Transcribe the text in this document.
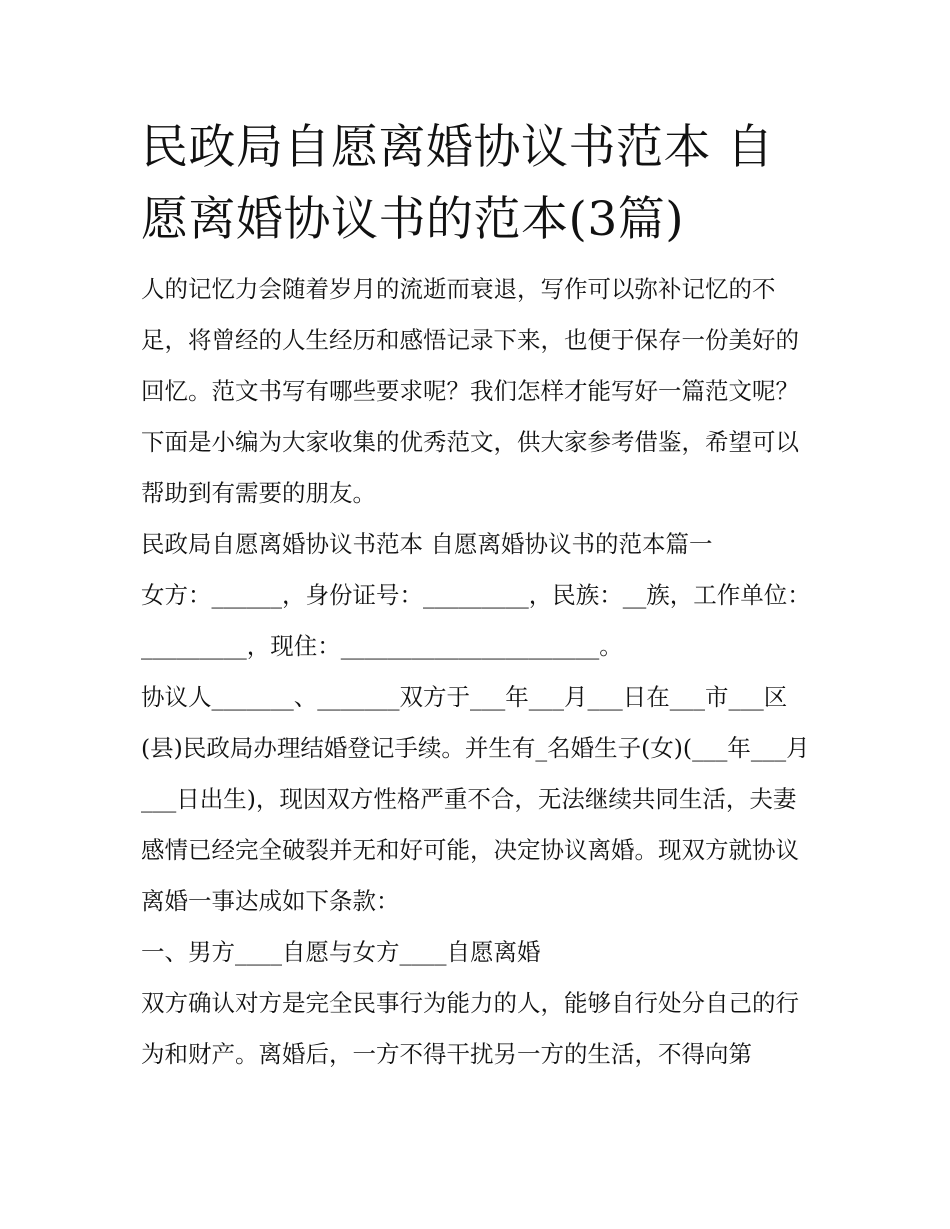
民政局自愿离婚协议书范本 自愿离婚协议书的范本(3篇)

人的记忆力会随着岁月的流逝而衰退，写作可以弥补记忆的不足，将曾经的人生经历和感悟记录下来，也便于保存一份美好的回忆。范文书写有哪些要求呢？我们怎样才能写好一篇范文呢？下面是小编为大家收集的优秀范文，供大家参考借鉴，希望可以帮助到有需要的朋友。

民政局自愿离婚协议书范本 自愿离婚协议书的范本篇一

女方：______，身份证号：_________，民族：__族，工作单位：_________，现住：______________________。

协议人_______、_______双方于___年___月___日在___市___区(县)民政局办理结婚登记手续。并生有_名婚生子(女)(___年___月___日出生)，现因双方性格严重不合，无法继续共同生活，夫妻感情已经完全破裂并无和好可能，决定协议离婚。现双方就协议离婚一事达成如下条款：

一、男方____自愿与女方____自愿离婚

双方确认对方是完全民事行为能力的人，能够自行处分自己的行为和财产。离婚后，一方不得干扰另一方的生活，不得向第
